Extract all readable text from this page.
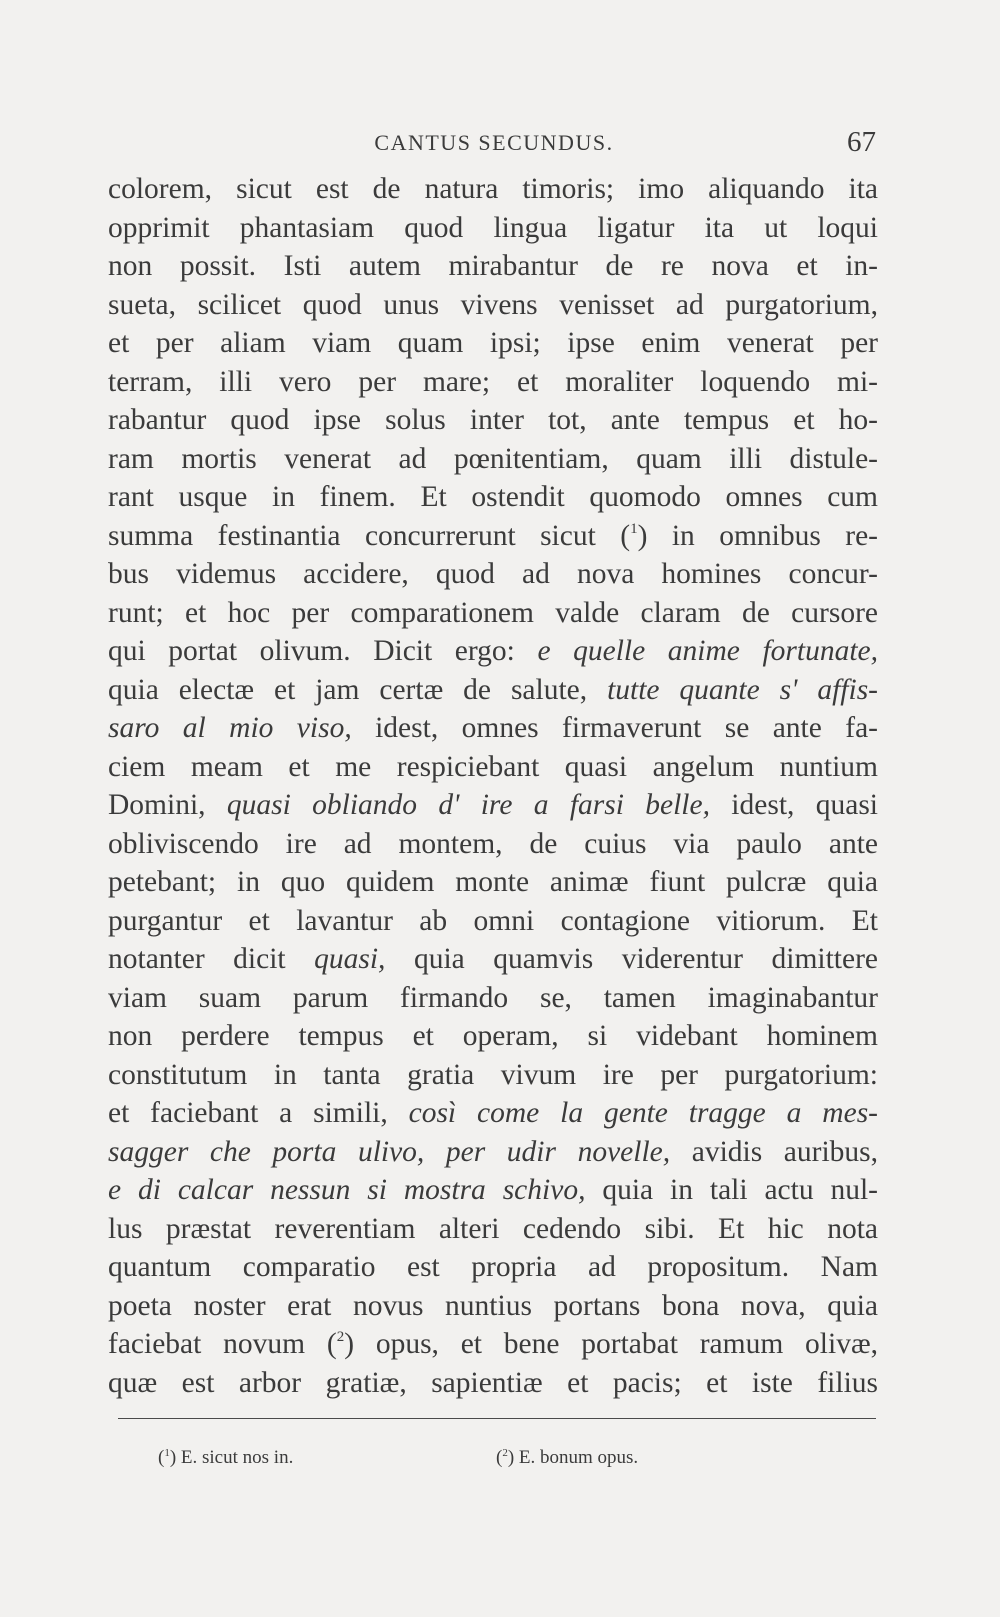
CANTUS SECUNDUS.	67
colorem, sicut est de natura timoris; imo aliquando ita
opprimit phantasiam quod lingua ligatur ita ut loqui
non possit. Isti autem mirabantur de re nova et in-
sueta, scilicet quod unus vivens venisset ad purgatorium,
et per aliam viam quam ipsi; ipse enim venerat per
terram, illi vero per mare; et moraliter loquendo mi-
rabantur quod ipse solus inter tot, ante tempus et ho-
ram mortis venerat ad pœnitentiam, quam illi distule-
rant usque in finem. Et ostendit quomodo omnes cum
summa festinantia concurrerunt sicut ($^1$) in omnibus re-
bus videmus accidere, quod ad nova homines concur-
runt; et hoc per comparationem valde claram de cursore
qui portat olivum. Dicit ergo: e quelle anime fortunate,
quia electæ et jam certæ de salute, tutte quante s' affis-
saro al mio viso, idest, omnes firmaverunt se ante fa-
ciem meam et me respiciebant quasi angelum nuntium
Domini, quasi obliando d' ire a farsi belle, idest, quasi
obliviscendo ire ad montem, de cuius via paulo ante
petebant; in quo quidem monte animæ fiunt pulcræ quia
purgantur et lavantur ab omni contagione vitiorum. Et
notanter dicit quasi, quia quamvis viderentur dimittere
viam suam parum firmando se, tamen imaginabantur
non perdere tempus et operam, si videbant hominem
constitutum in tanta gratia vivum ire per purgatorium:
et faciebant a simili, così come la gente tragge a mes-
sagger che porta ulivo, per udir novelle, avidis auribus,
e di calcar nessun si mostra schivo, quia in tali actu nul-
lus præstat reverentiam alteri cedendo sibi. Et hic nota
quantum comparatio est propria ad propositum. Nam
poeta noster erat novus nuntius portans bona nova, quia
faciebat novum ($^2$) opus, et bene portabat ramum olivæ,
quæ est arbor gratiæ, sapientiæ et pacis; et iste filius
($^1$) E. sicut nos in.	($^2$) E. bonum opus.
